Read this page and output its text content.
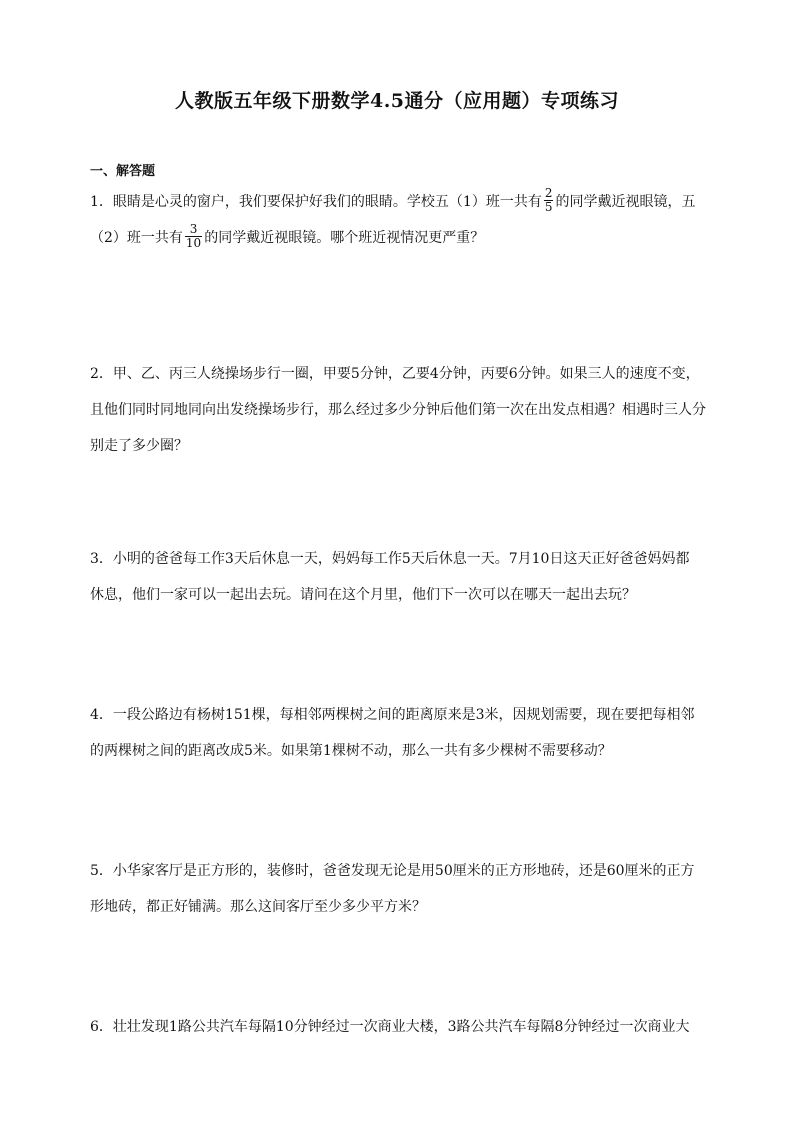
人教版五年级下册数学4.5通分（应用题）专项练习
一、解答题

1．眼睛是心灵的窗户，我们要保护好我们的眼睛。学校五（1）班一共有 $\frac{2}{5}$ 的同学戴近视眼镜，五

（2）班一共有 $\frac{3}{10}$ 的同学戴近视眼镜。哪个班近视情况更严重？

2．甲、乙、丙三人绕操场步行一圈，甲要5分钟，乙要4分钟，丙要6分钟。如果三人的速度不变，

且他们同时同地同向出发绕操场步行，那么经过多少分钟后他们第一次在出发点相遇？相遇时三人分

别走了多少圈？

3．小明的爸爸每工作3天后休息一天，妈妈每工作5天后休息一天。7月10日这天正好爸爸妈妈都

休息，他们一家可以一起出去玩。请问在这个月里，他们下一次可以在哪天一起出去玩？

4．一段公路边有杨树151棵，每相邻两棵树之间的距离原来是3米，因规划需要，现在要把每相邻

的两棵树之间的距离改成5米。如果第1棵树不动，那么一共有多少棵树不需要移动？

5．小华家客厅是正方形的，装修时，爸爸发现无论是用50厘米的正方形地砖，还是60厘米的正方

形地砖，都正好铺满。那么这间客厅至少多少平方米？

6．壮壮发现1路公共汽车每隔10分钟经过一次商业大楼，3路公共汽车每隔8分钟经过一次商业大
